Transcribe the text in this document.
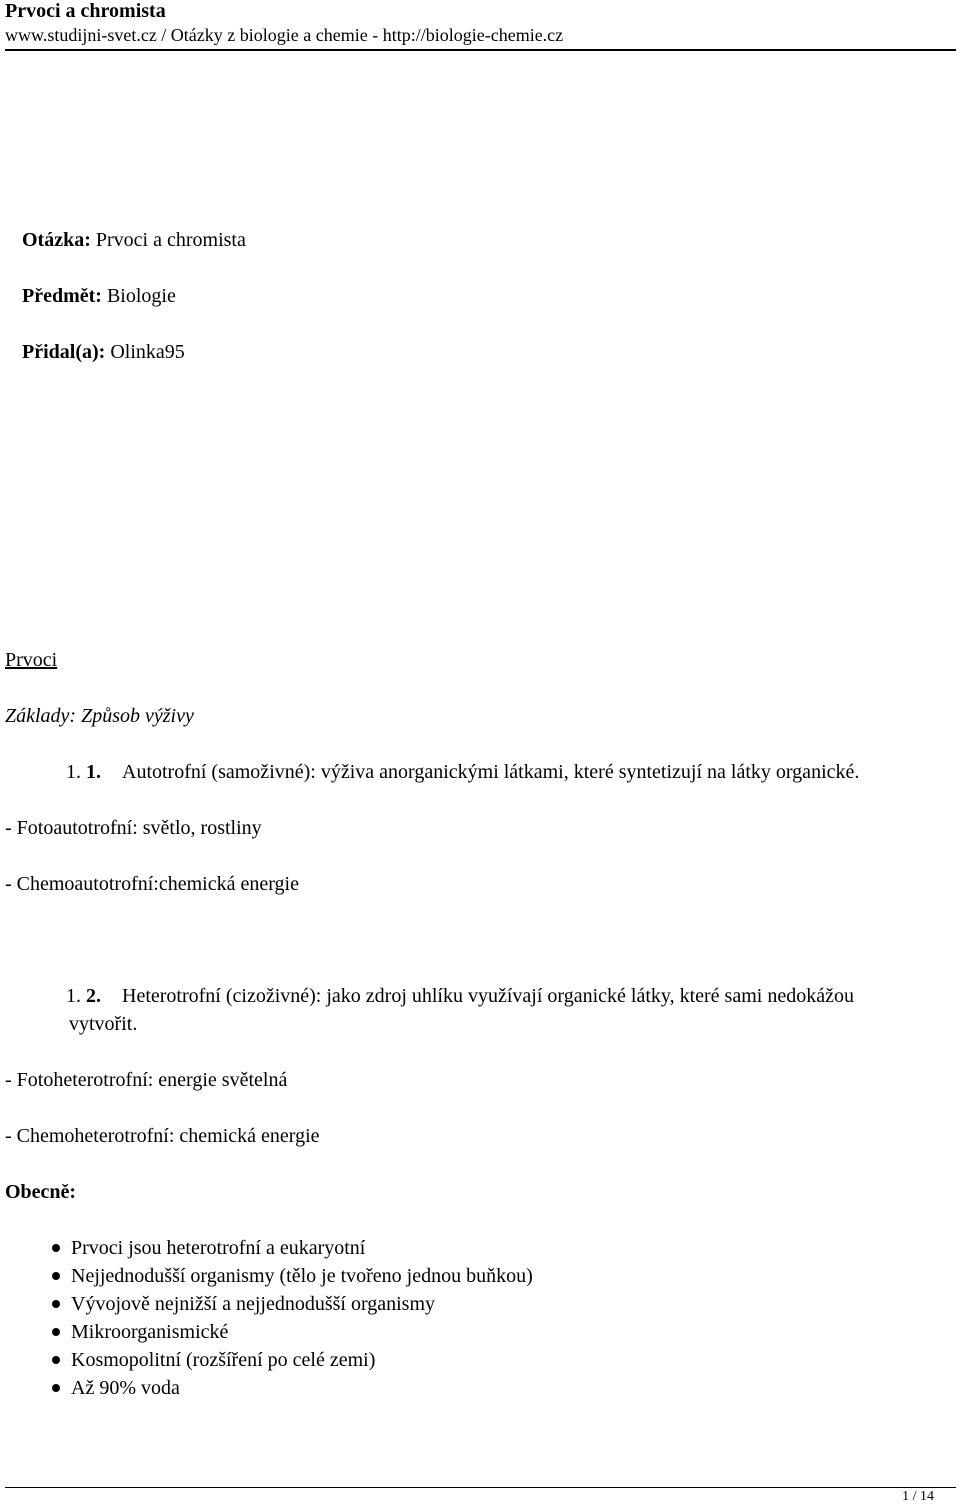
Prvoci a chromista
www.studijni-svet.cz / Otázky z biologie a chemie - http://biologie-chemie.cz
Otázka: Prvoci a chromista
Předmět: Biologie
Přidal(a): Olinka95
Prvoci
Základy: Způsob výživy
1. 1. Autotrofní (samoživné): výživa anorganickými látkami, které syntetizují na látky organické.
- Fotoautotrofní: světlo, rostliny
- Chemoautotrofní:chemická energie
1. 2. Heterotrofní (cizoživné): jako zdroj uhlíku využívají organické látky, které sami nedokážou
vytvořit.
- Fotoheterotrofní: energie světelná
- Chemoheterotrofní: chemická energie
Obecně:
Prvoci jsou heterotrofní a eukaryotní
Nejjednodušší organismy (tělo je tvořeno jednou buňkou)
Vývojově nejnižší a nejjednodušší organismy
Mikroorganismické
Kosmopolitní (rozšíření po celé zemi)
Až 90% voda
1 / 14
